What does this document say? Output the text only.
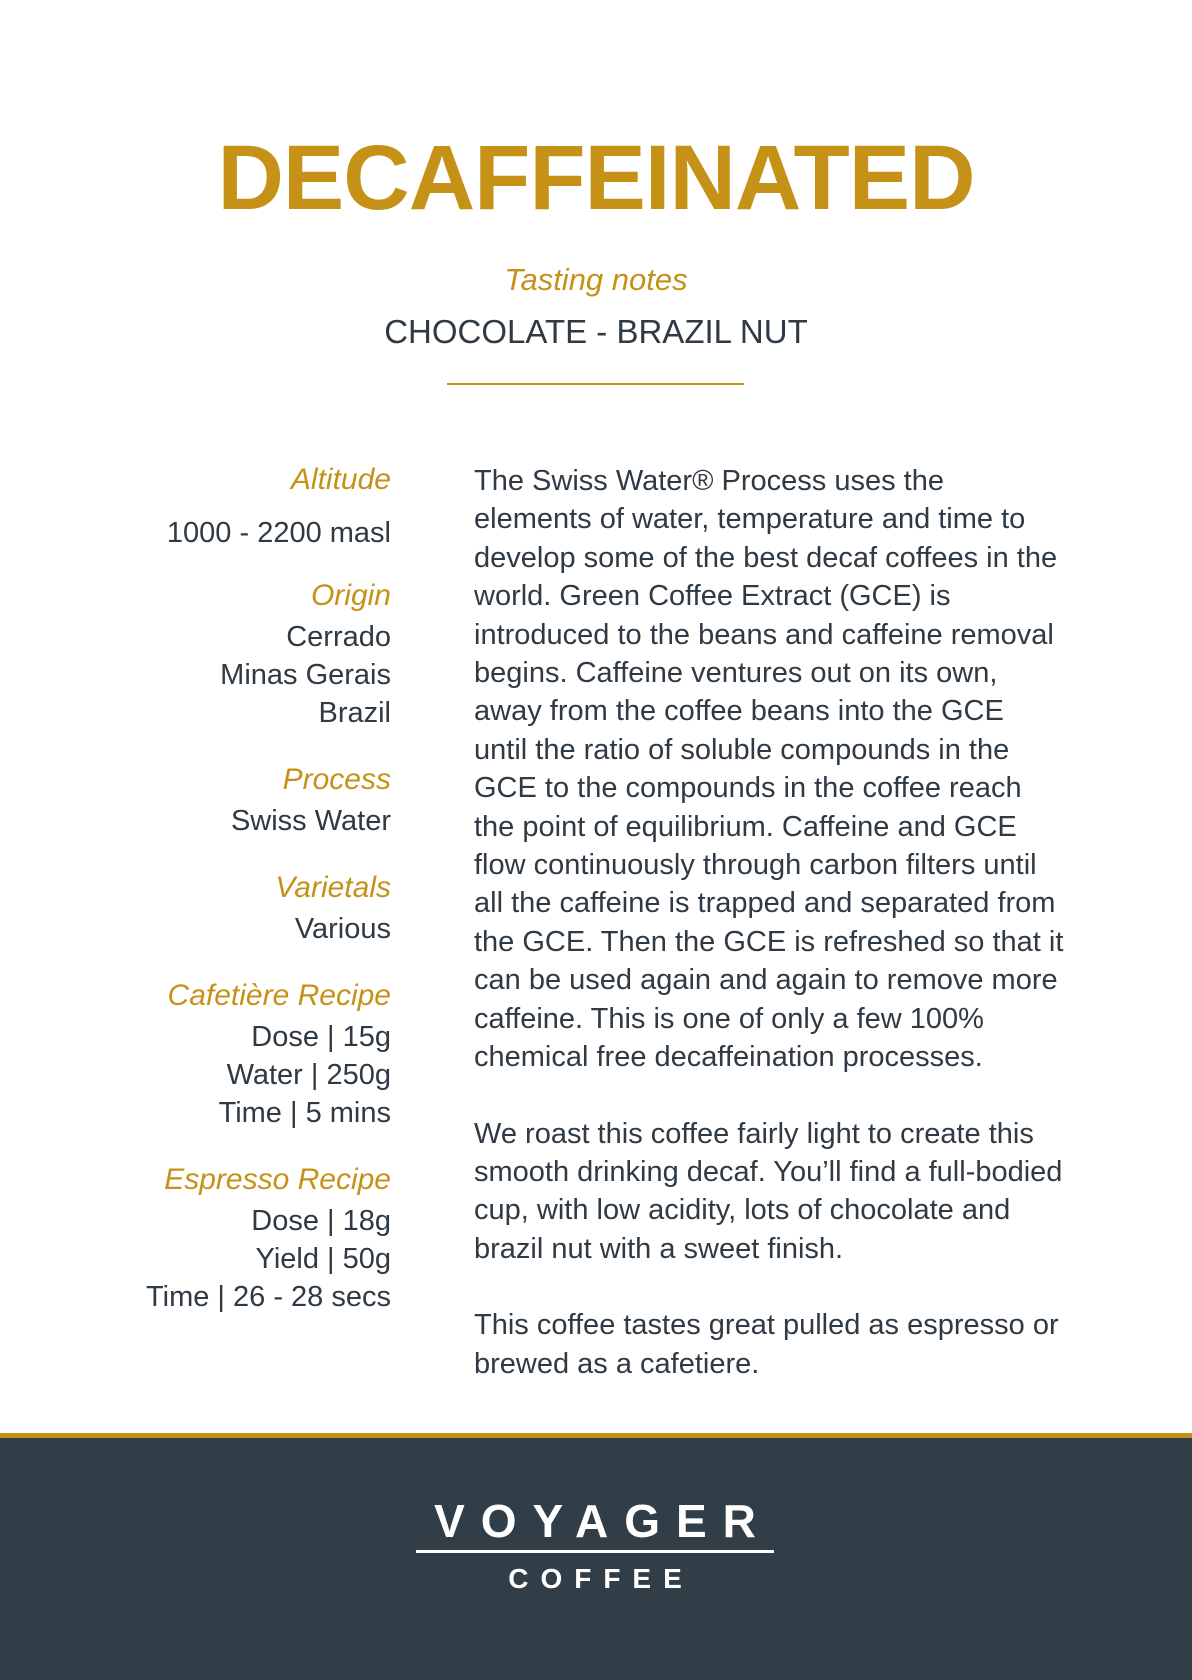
DECAFFEINATED
Tasting notes
CHOCOLATE - BRAZIL NUT
Altitude
1000 - 2200 masl
Origin
Cerrado
Minas Gerais
Brazil
Process
Swiss Water
Varietals
Various
Cafetière Recipe
Dose | 15g
Water | 250g
Time | 5 mins
Espresso Recipe
Dose | 18g
Yield | 50g
Time | 26 - 28 secs

The Swiss Water® Process uses the elements of water, temperature and time to develop some of the best decaf coffees in the world. Green Coffee Extract (GCE) is introduced to the beans and caffeine removal begins. Caffeine ventures out on its own, away from the coffee beans into the GCE until the ratio of soluble compounds in the GCE to the compounds in the coffee reach the point of equilibrium. Caffeine and GCE flow continuously through carbon filters until all the caffeine is trapped and separated from the GCE. Then the GCE is refreshed so that it can be used again and again to remove more caffeine. This is one of only a few 100% chemical free decaffeination processes.

We roast this coffee fairly light to create this smooth drinking decaf. You’ll find a full-bodied cup, with low acidity, lots of chocolate and brazil nut with a sweet finish.

This coffee tastes great pulled as espresso or brewed as a cafetiere.

VOYAGER
COFFEE
